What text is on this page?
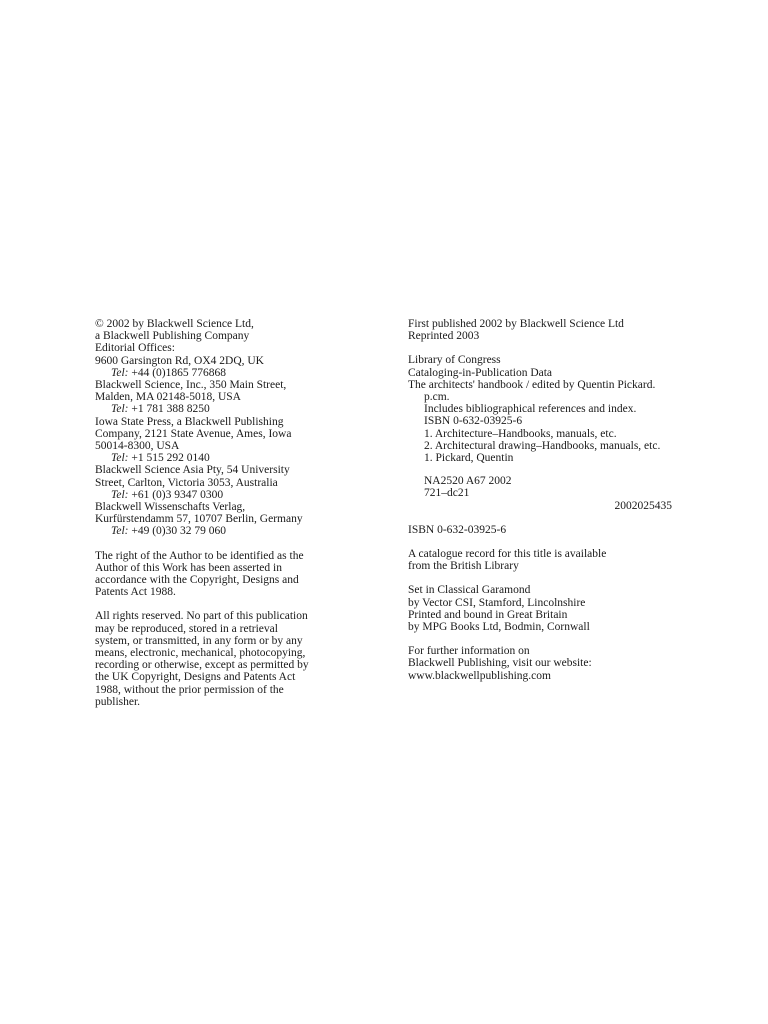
© 2002 by Blackwell Science Ltd,
a Blackwell Publishing Company
Editorial Offices:
9600 Garsington Rd, OX4 2DQ, UK
Tel: +44 (0)1865 776868
Blackwell Science, Inc., 350 Main Street,
Malden, MA 02148-5018, USA
Tel: +1 781 388 8250
Iowa State Press, a Blackwell Publishing
Company, 2121 State Avenue, Ames, Iowa
50014-8300, USA
Tel: +1 515 292 0140
Blackwell Science Asia Pty, 54 University
Street, Carlton, Victoria 3053, Australia
Tel: +61 (0)3 9347 0300
Blackwell Wissenschafts Verlag,
Kurfürstendamm 57, 10707 Berlin, Germany
Tel: +49 (0)30 32 79 060
The right of the Author to be identified as the
Author of this Work has been asserted in
accordance with the Copyright, Designs and
Patents Act 1988.
All rights reserved. No part of this publication
may be reproduced, stored in a retrieval
system, or transmitted, in any form or by any
means, electronic, mechanical, photocopying,
recording or otherwise, except as permitted by
the UK Copyright, Designs and Patents Act
1988, without the prior permission of the
publisher.
First published 2002 by Blackwell Science Ltd
Reprinted 2003
Library of Congress
Cataloging-in-Publication Data
The architects' handbook / edited by Quentin Pickard.
p.cm.
Includes bibliographical references and index.
ISBN 0-632-03925-6
1. Architecture–Handbooks, manuals, etc.
2. Architectural drawing–Handbooks, manuals, etc.
1. Pickard, Quentin
NA2520 A67 2002
721–dc21
2002025435
ISBN 0-632-03925-6
A catalogue record for this title is available
from the British Library
Set in Classical Garamond
by Vector CSI, Stamford, Lincolnshire
Printed and bound in Great Britain
by MPG Books Ltd, Bodmin, Cornwall
For further information on
Blackwell Publishing, visit our website:
www.blackwellpublishing.com
